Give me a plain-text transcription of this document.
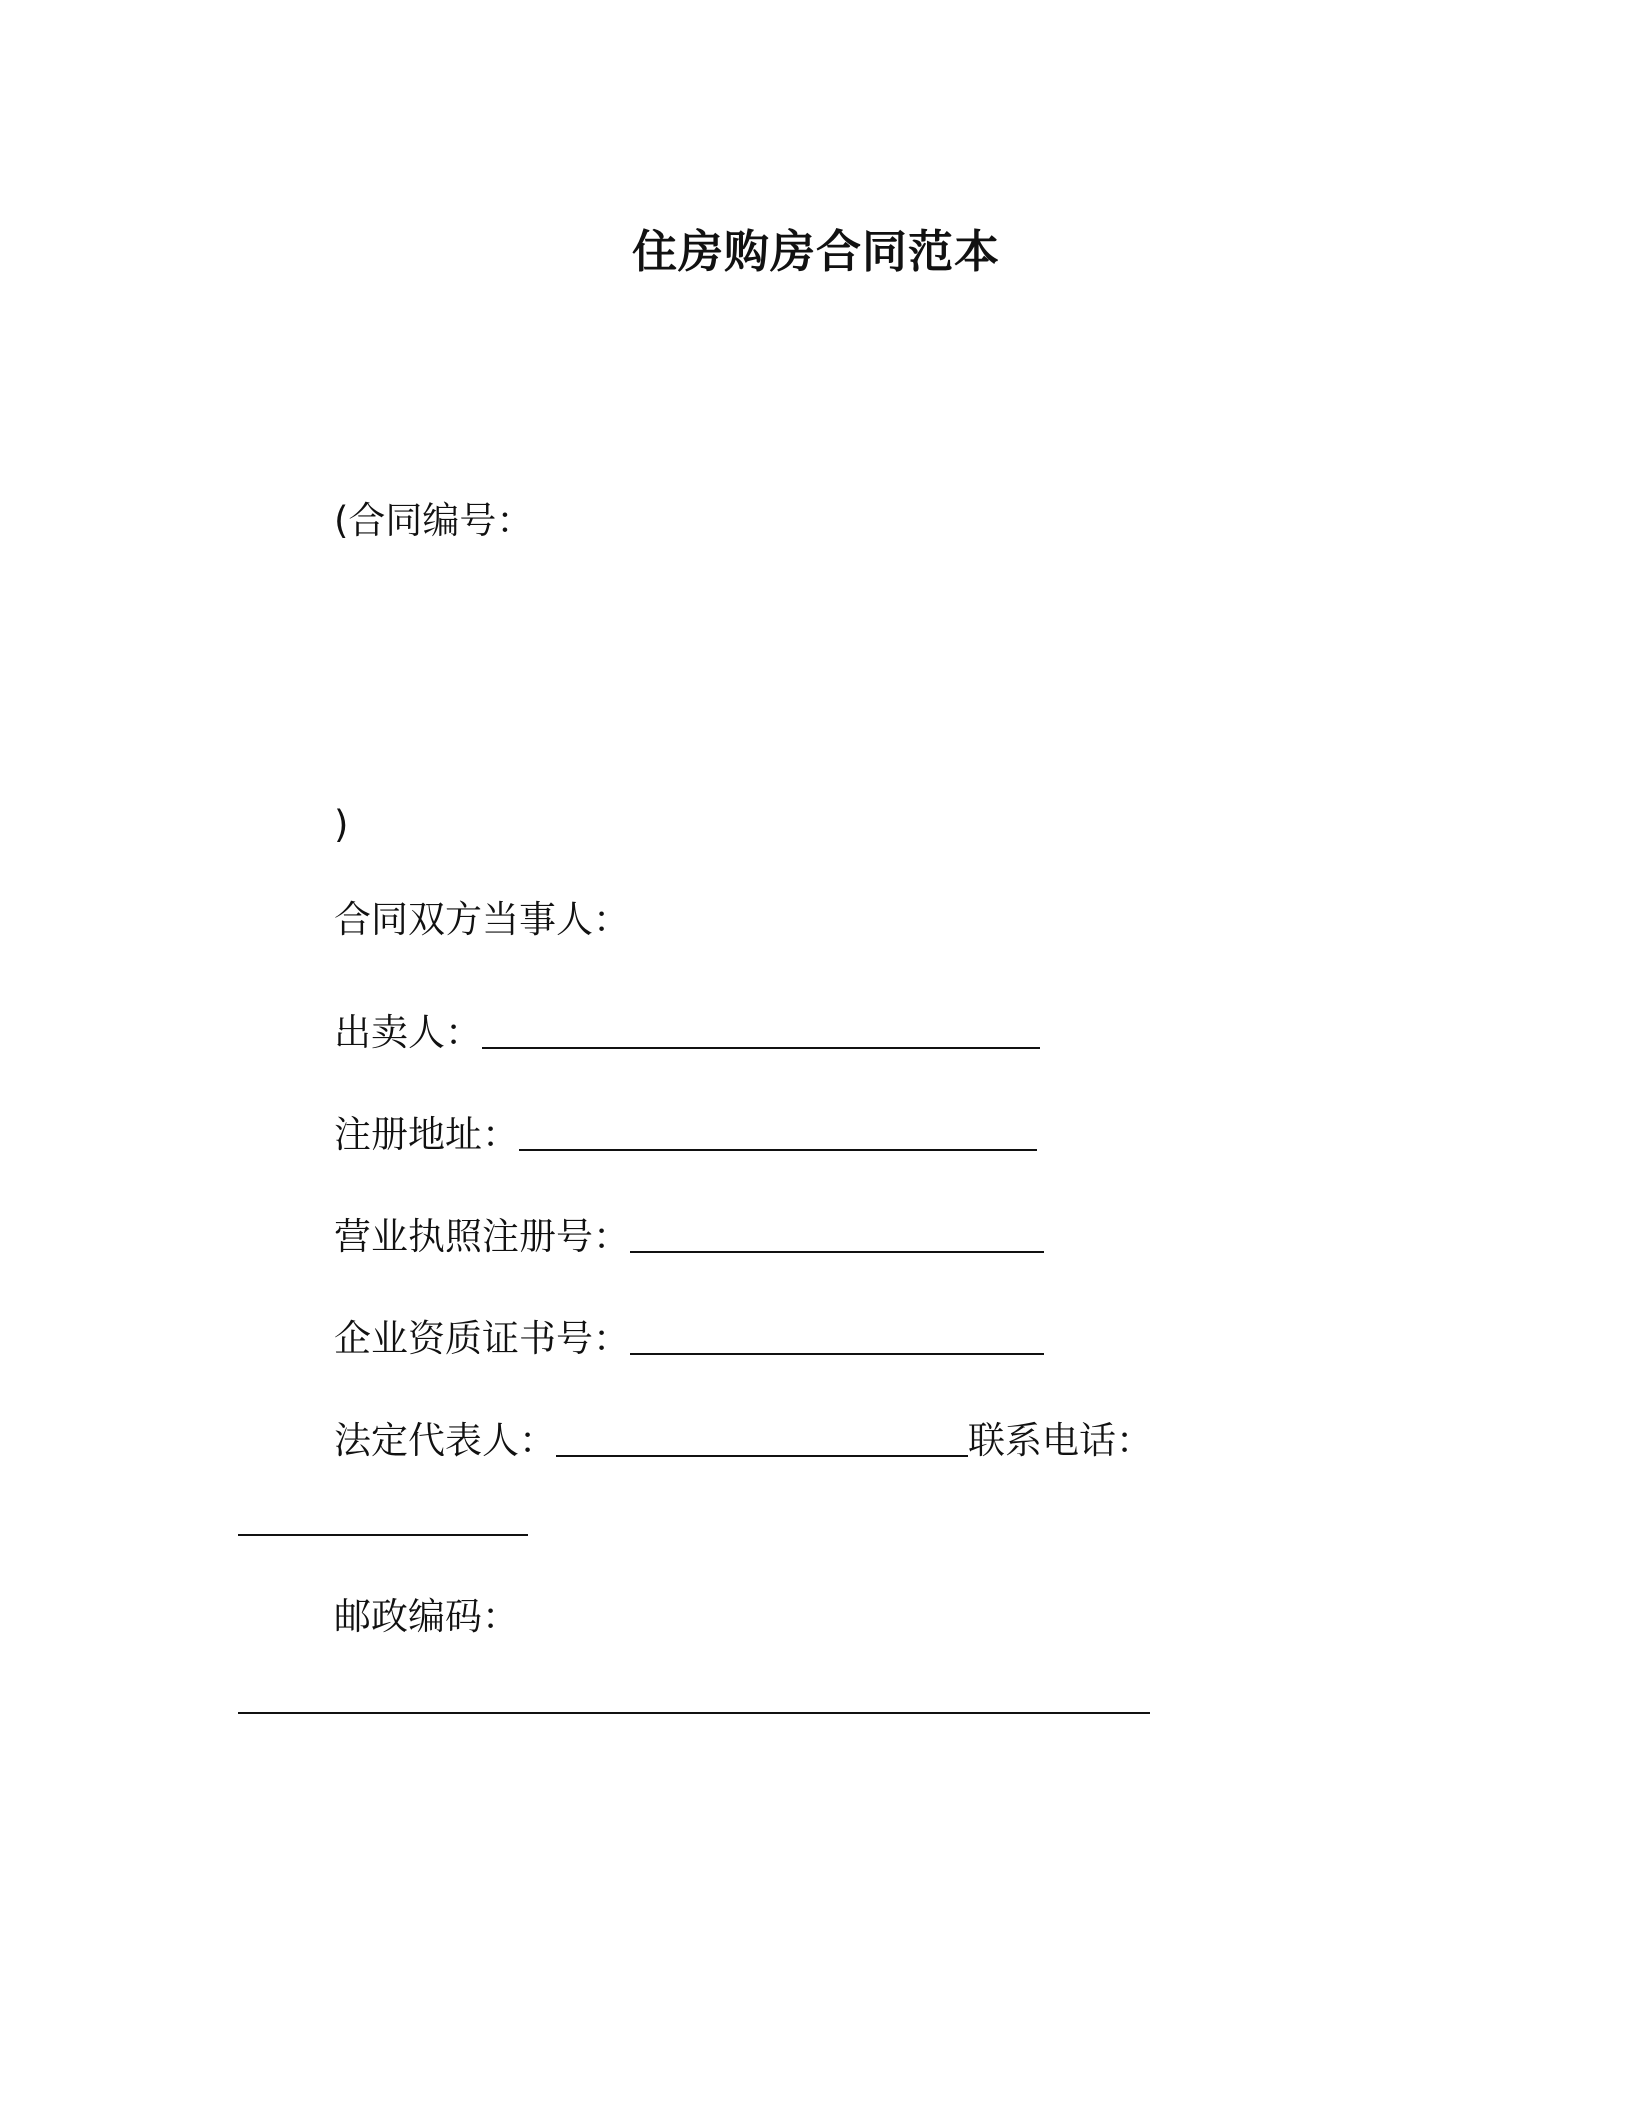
住房购房合同范本
(合同编号：
)
合同双方当事人：
出卖人：
注册地址：
营业执照注册号：
企业资质证书号：
法定代表人：	联系电话：
邮政编码：
